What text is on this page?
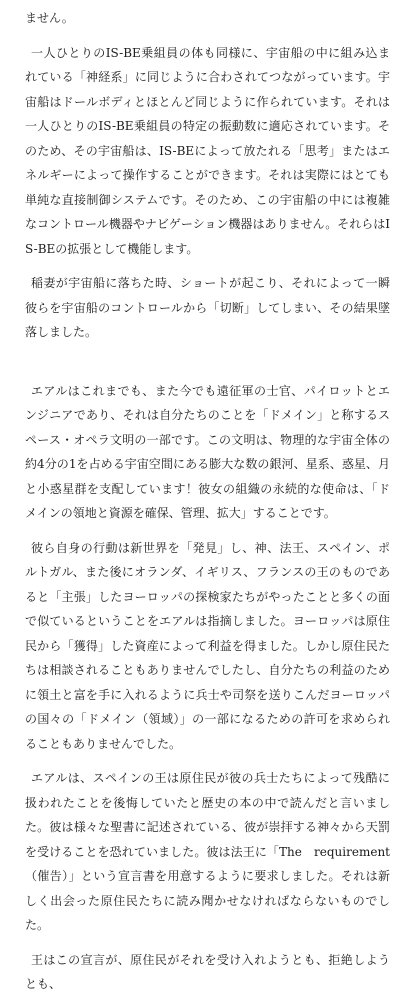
ません。

一人ひとりのIS-BE乗組員の体も同様に、宇宙船の中に組み込まれている「神経系」に同じように合わされてつながっています。宇宙船はドールボディとほとんど同じように作られています。それは一人ひとりのIS-BE乗組員の特定の振動数に適応されています。そのため、その宇宙船は、IS-BEによって放たれる「思考」またはエネルギーによって操作することができます。それは実際にはとても単純な直接制御システムです。そのため、この宇宙船の中には複雑なコントロール機器やナビゲーション機器はありません。それらはIS-BEの拡張として機能します。

稲妻が宇宙船に落ちた時、ショートが起こり、それによって一瞬彼らを宇宙船のコントロールから「切断」してしまい、その結果墜落しました。

エアルはこれまでも、また今でも遠征軍の士官、パイロットとエンジニアであり、それは自分たちのことを「ドメイン」と称するスペース・オペラ文明の一部です。この文明は、物理的な宇宙全体の約4分の1を占める宇宙空間にある膨大な数の銀河、星系、惑星、月と小惑星群を支配しています！彼女の組織の永続的な使命は、「ドメインの領地と資源を確保、管理、拡大」することです。

彼ら自身の行動は新世界を「発見」し、神、法王、スペイン、ポルトガル、また後にオランダ、イギリス、フランスの王のものであると「主張」したヨーロッパの探検家たちがやったことと多くの面で似ているということをエアルは指摘しました。ヨーロッパは原住民から「獲得」した資産によって利益を得ました。しかし原住民たちは相談されることもありませんでしたし、自分たちの利益のために領土と富を手に入れるように兵士や司祭を送りこんだヨーロッパの国々の「ドメイン（領域）」の一部になるための許可を求められることもありませんでした。

エアルは、スペインの王は原住民が彼の兵士たちによって残酷に扱われたことを後悔していたと歴史の本の中で読んだと言いました。彼は様々な聖書に記述されている、彼が崇拝する神々から天罰を受けることを恐れていました。彼は法王に「The　requirement（催告）」という宣言書を用意するように要求しました。それは新しく出会った原住民たちに読み聞かせなければならないものでした。

王はこの宣言が、原住民がそれを受け入れようとも、拒絶しようとも、
